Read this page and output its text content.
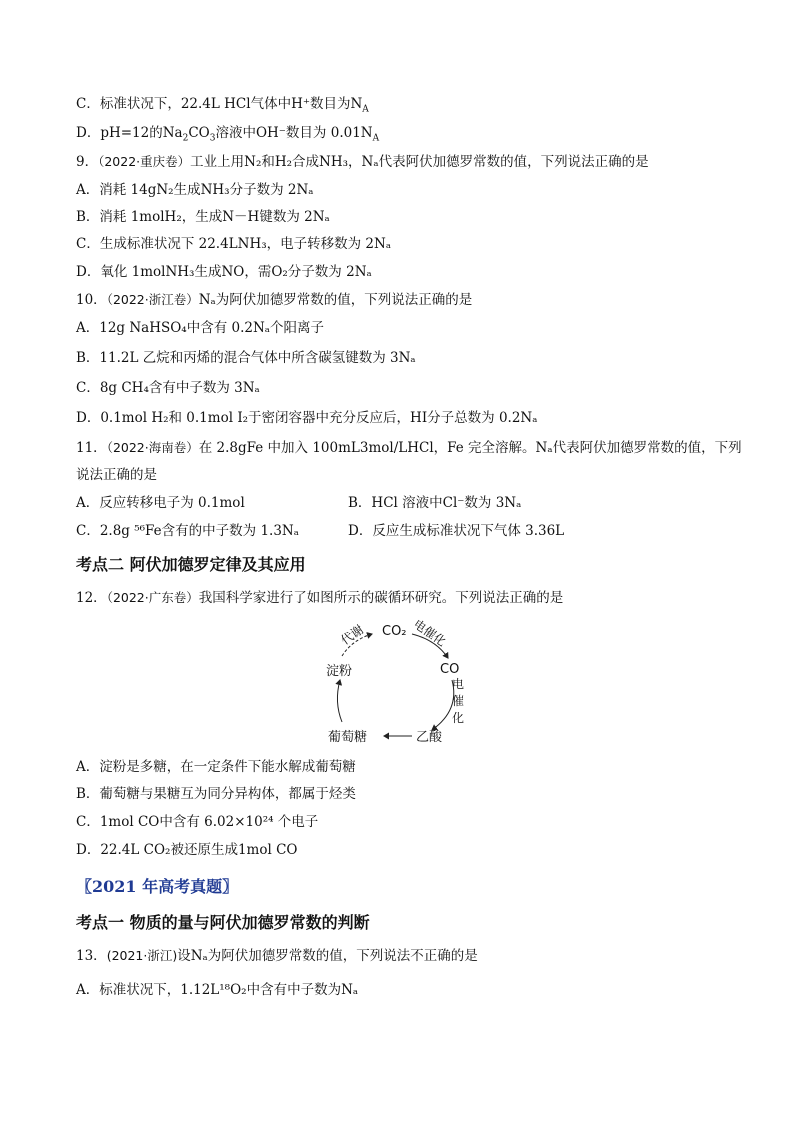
C．标准状况下，22.4L HCl气体中H⁺数目为$N_A$
D．pH=12的$Na_2CO_3$溶液中OH⁻数目为 $0.01N_A$
9．（2022·重庆卷）工业上用N₂和H₂合成NH₃，Nₐ代表阿伏加德罗常数的值，下列说法正确的是
A．消耗 14gN₂生成NH₃分子数为 2Nₐ
B．消耗 1molH₂，生成N－H键数为 2Nₐ
C．生成标准状况下 22.4LNH₃，电子转移数为 2Nₐ
D．氧化 1molNH₃生成NO，需O₂分子数为 2Nₐ
10．（2022·浙江卷）Nₐ为阿伏加德罗常数的值，下列说法正确的是
A．12g NaHSO₄中含有 0.2Nₐ个阳离子
B．11.2L 乙烷和丙烯的混合气体中所含碳氢键数为 3Nₐ
C．8g CH₄含有中子数为 3Nₐ
D．0.1mol H₂和 0.1mol I₂于密闭容器中充分反应后，HI分子总数为 0.2Nₐ
11．（2022·海南卷）在 2.8gFe 中加入 100mL3mol/LHCl，Fe 完全溶解。Nₐ代表阿伏加德罗常数的值，下列
说法正确的是
A．反应转移电子为 0.1mol	B．HCl 溶液中Cl⁻数为 3Nₐ
C．2.8g ⁵⁶Fe含有的中子数为 1.3Nₐ	D．反应生成标准状况下气体 3.36L
考点二 阿伏加德罗定律及其应用
12．（2022·广东卷）我国科学家进行了如图所示的碳循环研究。下列说法正确的是
CO₂
CO
乙酸
葡萄糖
淀粉
代谢	电催化
电催化
A．淀粉是多糖，在一定条件下能水解成葡萄糖
B．葡萄糖与果糖互为同分异构体，都属于烃类
C．1mol CO中含有 6.02×10²⁴ 个电子
D．22.4L CO₂被还原生成1mol CO
〖2021 年高考真题〗
考点一 物质的量与阿伏加德罗常数的判断
13．(2021·浙江)设Nₐ为阿伏加德罗常数的值，下列说法不正确的是
A．标准状况下，1.12L¹⁸O₂中含有中子数为Nₐ
